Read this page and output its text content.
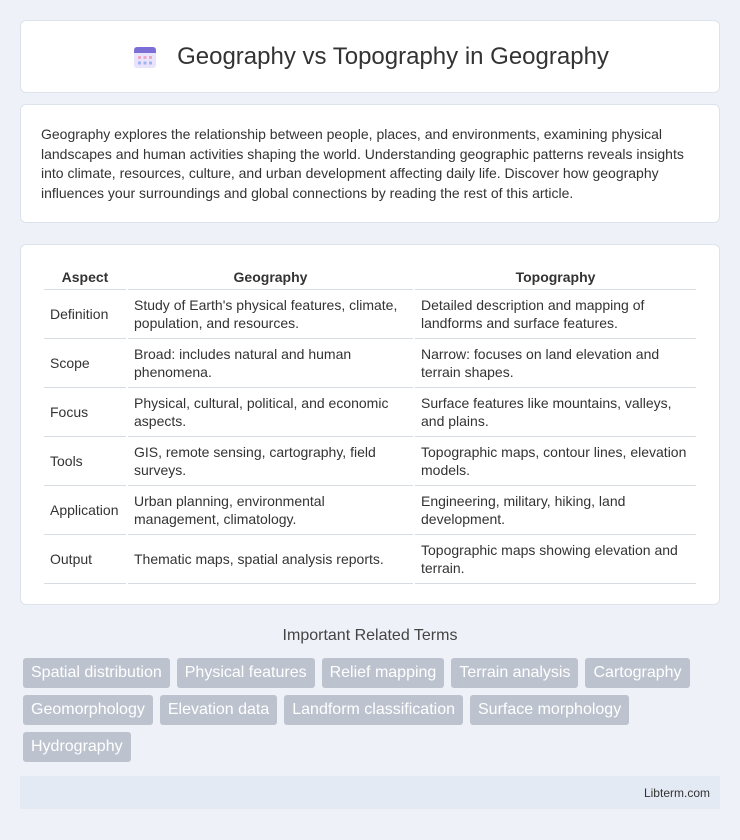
Geography vs Topography in Geography

Geography explores the relationship between people, places, and environments, examining physical landscapes and human activities shaping the world. Understanding geographic patterns reveals insights into climate, resources, culture, and urban development affecting daily life. Discover how geography influences your surroundings and global connections by reading the rest of this article.

Aspect	Geography	Topography
Definition	Study of Earth's physical features, climate, population, and resources.	Detailed description and mapping of landforms and surface features.
Scope	Broad: includes natural and human phenomena.	Narrow: focuses on land elevation and terrain shapes.
Focus	Physical, cultural, political, and economic aspects.	Surface features like mountains, valleys, and plains.
Tools	GIS, remote sensing, cartography, field surveys.	Topographic maps, contour lines, elevation models.
Application	Urban planning, environmental management, climatology.	Engineering, military, hiking, land development.
Output	Thematic maps, spatial analysis reports.	Topographic maps showing elevation and terrain.
Important Related Terms
Spatial distribution	Physical features	Relief mapping	Terrain analysis	Cartography
Geomorphology	Elevation data	Landform classification	Surface morphology
Hydrography
Libterm.com
